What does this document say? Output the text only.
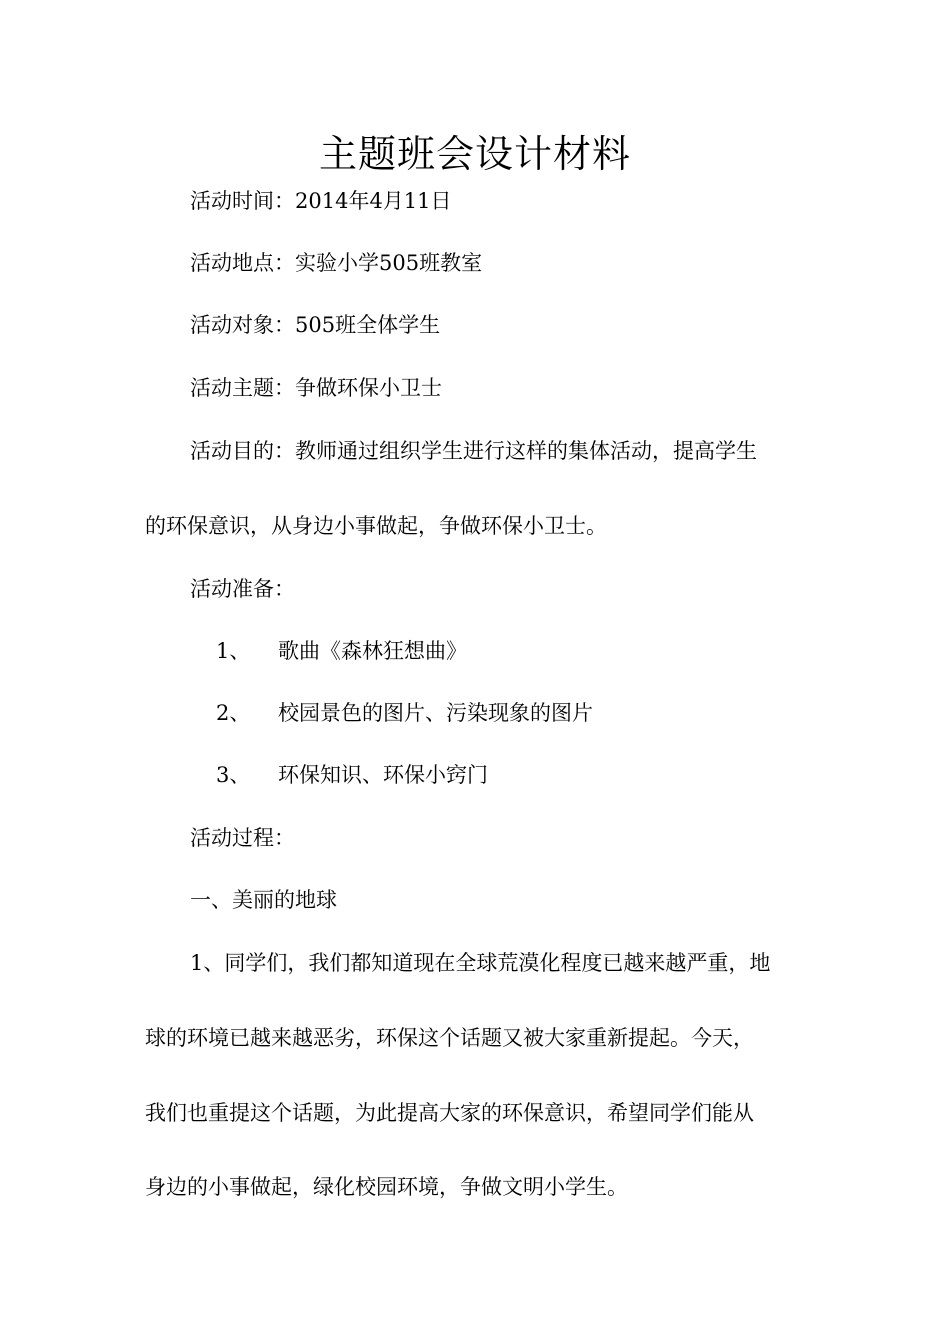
主题班会设计材料
活动时间：2014年4月11日
活动地点：实验小学505班教室
活动对象：505班全体学生
活动主题：争做环保小卫士
活动目的：教师通过组织学生进行这样的集体活动，提高学生
的环保意识，从身边小事做起，争做环保小卫士。
活动准备：
1、 歌曲《森林狂想曲》
2、 校园景色的图片、污染现象的图片
3、 环保知识、环保小窍门
活动过程：
一、美丽的地球
1、同学们，我们都知道现在全球荒漠化程度已越来越严重，地
球的环境已越来越恶劣，环保这个话题又被大家重新提起。今天，
我们也重提这个话题，为此提高大家的环保意识，希望同学们能从
身边的小事做起，绿化校园环境，争做文明小学生。
